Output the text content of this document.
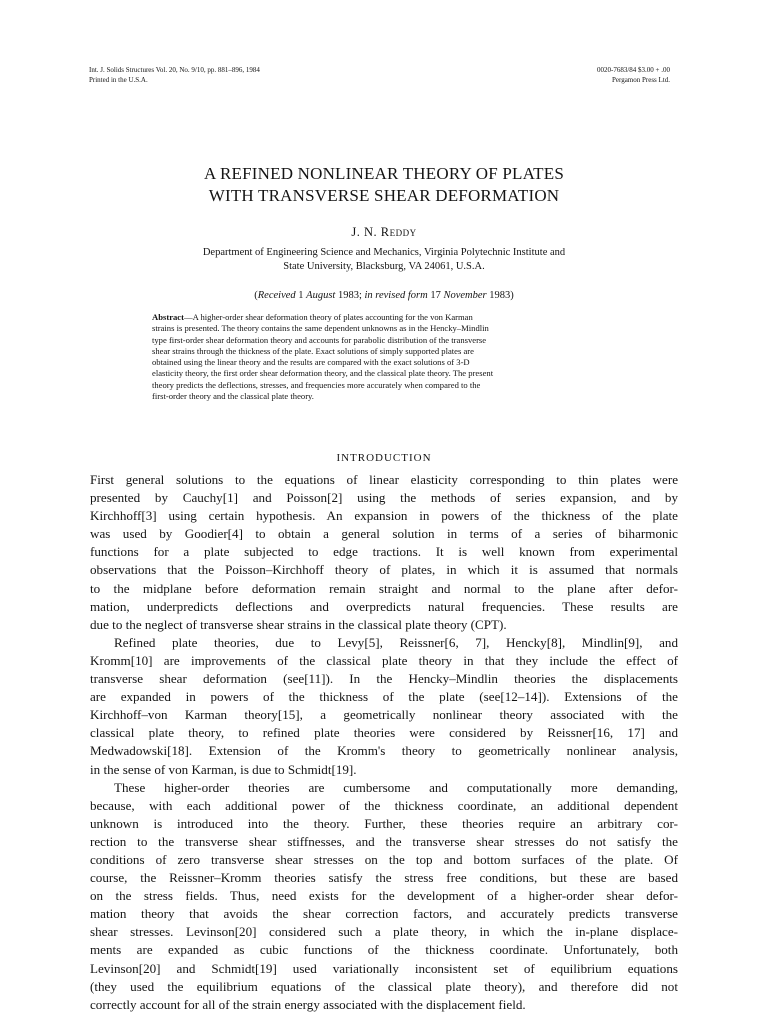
Int. J. Solids Structures Vol. 20, No. 9/10, pp. 881–896, 1984
Printed in the U.S.A.
0020-7683/84 $3.00 + .00
Pergamon Press Ltd.
A REFINED NONLINEAR THEORY OF PLATES
WITH TRANSVERSE SHEAR DEFORMATION
J. N. Reddy
Department of Engineering Science and Mechanics, Virginia Polytechnic Institute and
State University, Blacksburg, VA 24061, U.S.A.
(Received 1 August 1983; in revised form 17 November 1983)
Abstract—A higher-order shear deformation theory of plates accounting for the von Karman
strains is presented. The theory contains the same dependent unknowns as in the Hencky–Mindlin
type first-order shear deformation theory and accounts for parabolic distribution of the transverse
shear strains through the thickness of the plate. Exact solutions of simply supported plates are
obtained using the linear theory and the results are compared with the exact solutions of 3-D
elasticity theory, the first order shear deformation theory, and the classical plate theory. The present
theory predicts the deflections, stresses, and frequencies more accurately when compared to the
first-order theory and the classical plate theory.
INTRODUCTION
First general solutions to the equations of linear elasticity corresponding to thin plates were
presented by Cauchy[1] and Poisson[2] using the methods of series expansion, and by
Kirchhoff[3] using certain hypothesis. An expansion in powers of the thickness of the plate
was used by Goodier[4] to obtain a general solution in terms of a series of biharmonic
functions for a plate subjected to edge tractions. It is well known from experimental
observations that the Poisson–Kirchhoff theory of plates, in which it is assumed that normals
to the midplane before deformation remain straight and normal to the plane after defor-
mation, underpredicts deflections and overpredicts natural frequencies. These results are
due to the neglect of transverse shear strains in the classical plate theory (CPT).
Refined plate theories, due to Levy[5], Reissner[6, 7], Hencky[8], Mindlin[9], and
Kromm[10] are improvements of the classical plate theory in that they include the effect of
transverse shear deformation (see[11]). In the Hencky–Mindlin theories the displacements
are expanded in powers of the thickness of the plate (see[12–14]). Extensions of the
Kirchhoff–von Karman theory[15], a geometrically nonlinear theory associated with the
classical plate theory, to refined plate theories were considered by Reissner[16, 17] and
Medwadowski[18]. Extension of the Kromm's theory to geometrically nonlinear analysis,
in the sense of von Karman, is due to Schmidt[19].
These higher-order theories are cumbersome and computationally more demanding,
because, with each additional power of the thickness coordinate, an additional dependent
unknown is introduced into the theory. Further, these theories require an arbitrary cor-
rection to the transverse shear stiffnesses, and the transverse shear stresses do not satisfy the
conditions of zero transverse shear stresses on the top and bottom surfaces of the plate. Of
course, the Reissner–Kromm theories satisfy the stress free conditions, but these are based
on the stress fields. Thus, need exists for the development of a higher-order shear defor-
mation theory that avoids the shear correction factors, and accurately predicts transverse
shear stresses. Levinson[20] considered such a plate theory, in which the in-plane displace-
ments are expanded as cubic functions of the thickness coordinate. Unfortunately, both
Levinson[20] and Schmidt[19] used variationally inconsistent set of equilibrium equations
(they used the equilibrium equations of the classical plate theory), and therefore did not
correctly account for all of the strain energy associated with the displacement field.
